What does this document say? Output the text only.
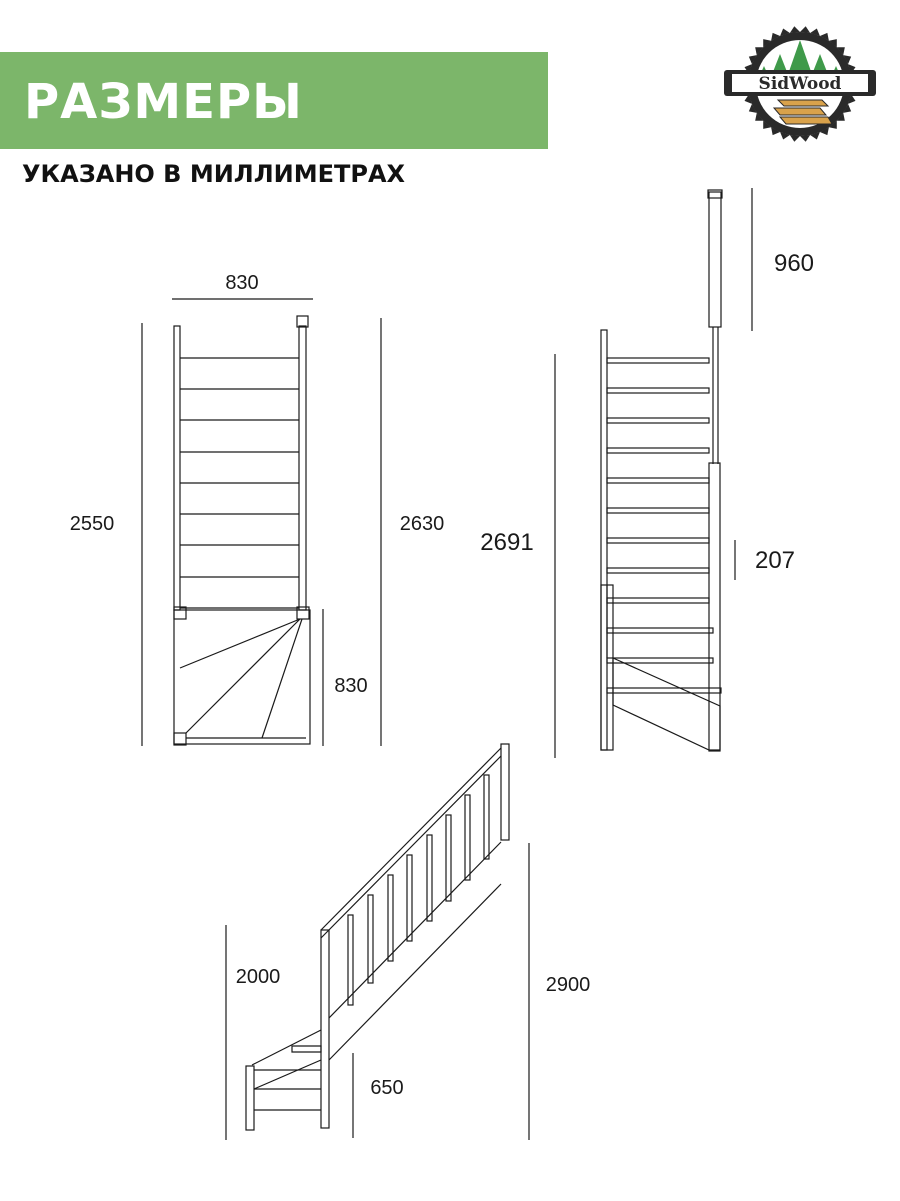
РАЗМЕРЫ
УКАЗАНО В МИЛЛИМЕТРАХ
SidWood
830
2550	2630
830
960
2691
207
2000
650
2900
